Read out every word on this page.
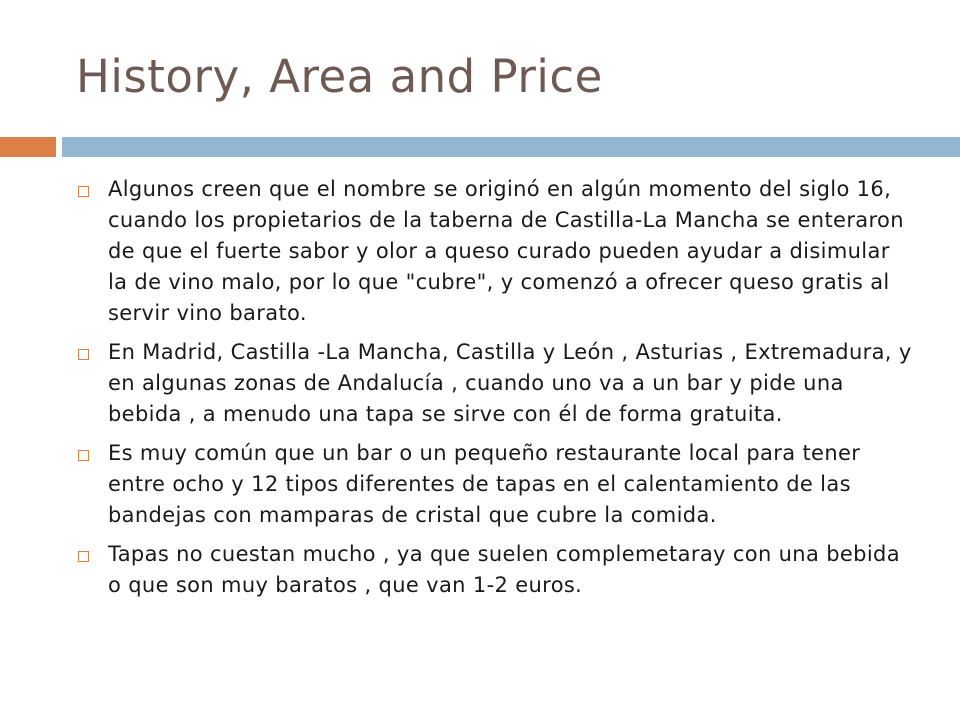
History, Area and Price
Algunos creen que el nombre se originó en algún momento del siglo 16, cuando los propietarios de la taberna de Castilla-La Mancha se enteraron de que el fuerte sabor y olor a queso curado pueden ayudar a disimular la de vino malo, por lo que "cubre", y comenzó a ofrecer queso gratis al servir vino barato.
En Madrid, Castilla -La Mancha, Castilla y León , Asturias , Extremadura, y en algunas zonas de Andalucía , cuando uno va a un bar y pide una bebida , a menudo una tapa se sirve con él de forma gratuita.
Es muy común que un bar o un pequeño restaurante local para tener entre ocho y 12 tipos diferentes de tapas en el calentamiento de las bandejas con mamparas de cristal que cubre la comida.
Tapas no cuestan mucho , ya que suelen complemetaray con una bebida o que son muy baratos , que van 1-2 euros.
